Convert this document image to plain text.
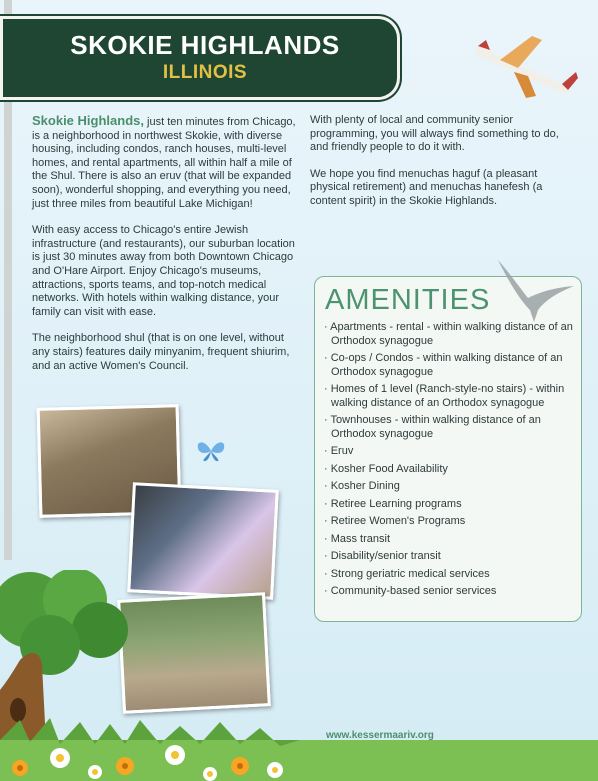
SKOKIE HIGHLANDS
ILLINOIS

Skokie Highlands, just ten minutes from Chicago, is a neighborhood in northwest Skokie, with diverse housing, including condos, ranch houses, multi-level homes, and rental apartments, all within half a mile of the Shul. There is also an eruv (that will be expanded soon), wonderful shopping, and everything you need, just three miles from beautiful Lake Michigan!

With easy access to Chicago's entire Jewish infrastructure (and restaurants), our suburban location is just 30 minutes away from both Downtown Chicago and O'Hare Airport. Enjoy Chicago's museums, attractions, sports teams, and top-notch medical networks. With hotels within walking distance, your family can visit with ease.

The neighborhood shul (that is on one level, without any stairs) features daily minyanim, frequent shiurim, and an active Women's Council.

With plenty of local and community senior programming, you will always find something to do, and friendly people to do it with.

We hope you find menuchas haguf (a pleasant physical retirement) and menuchas hanefesh (a content spirit) in the Skokie Highlands.

AMENITIES
· Apartments - rental - within walking distance of an Orthodox synagogue
· Co-ops / Condos - within walking distance of an Orthodox synagogue
· Homes of 1 level (Ranch-style-no stairs) - within walking distance of an Orthodox synagogue
· Townhouses - within walking distance of an Orthodox synagogue
· Eruv
· Kosher Food Availability
· Kosher Dining
· Retiree Learning programs
· Retiree Women's Programs
· Mass transit
· Disability/senior transit
· Strong geriatric medical services
· Community-based senior services
www.kessermaariv.org
